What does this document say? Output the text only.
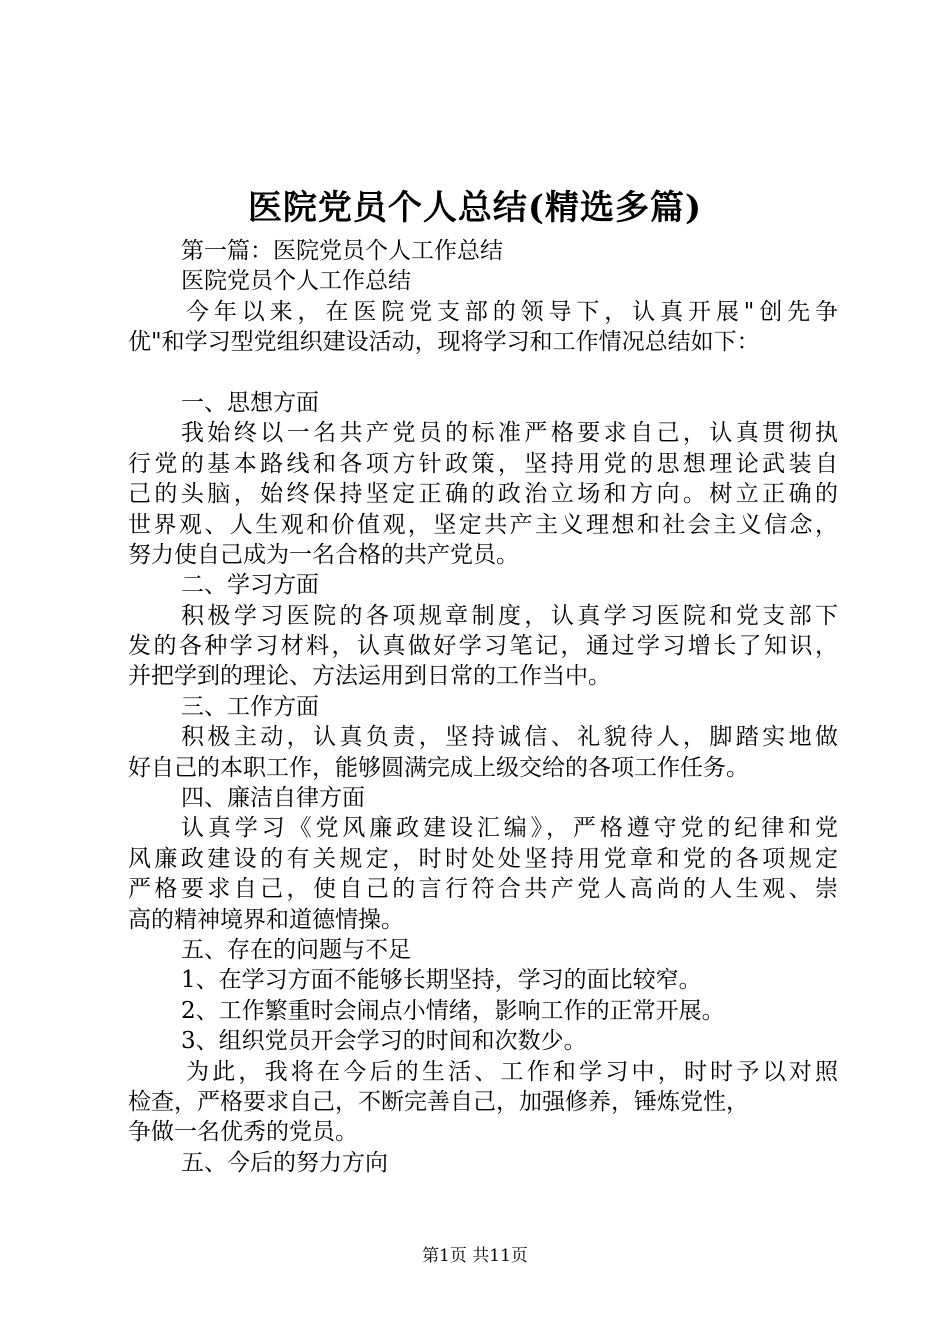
医院党员个人总结(精选多篇)
第一篇：医院党员个人工作总结
医院党员个人工作总结
今年以来，在医院党支部的领导下，认真开展"创先争
优"和学习型党组织建设活动，现将学习和工作情况总结如下：
一、思想方面
我始终以一名共产党员的标准严格要求自己，认真贯彻执
行党的基本路线和各项方针政策，坚持用党的思想理论武装自
己的头脑，始终保持坚定正确的政治立场和方向。树立正确的
世界观、人生观和价值观，坚定共产主义理想和社会主义信念，
努力使自己成为一名合格的共产党员。
二、学习方面
积极学习医院的各项规章制度，认真学习医院和党支部下
发的各种学习材料，认真做好学习笔记，通过学习增长了知识，
并把学到的理论、方法运用到日常的工作当中。
三、工作方面
积极主动，认真负责，坚持诚信、礼貌待人，脚踏实地做
好自己的本职工作，能够圆满完成上级交给的各项工作任务。
四、廉洁自律方面
认真学习《党风廉政建设汇编》，严格遵守党的纪律和党
风廉政建设的有关规定，时时处处坚持用党章和党的各项规定
严格要求自己，使自己的言行符合共产党人高尚的人生观、崇
高的精神境界和道德情操。
五、存在的问题与不足
1、在学习方面不能够长期坚持，学习的面比较窄。
2、工作繁重时会闹点小情绪，影响工作的正常开展。
3、组织党员开会学习的时间和次数少。
为此，我将在今后的生活、工作和学习中，时时予以对照
检查，严格要求自己，不断完善自己，加强修养，锤炼党性，
争做一名优秀的党员。
五、今后的努力方向
第1页 共11页
